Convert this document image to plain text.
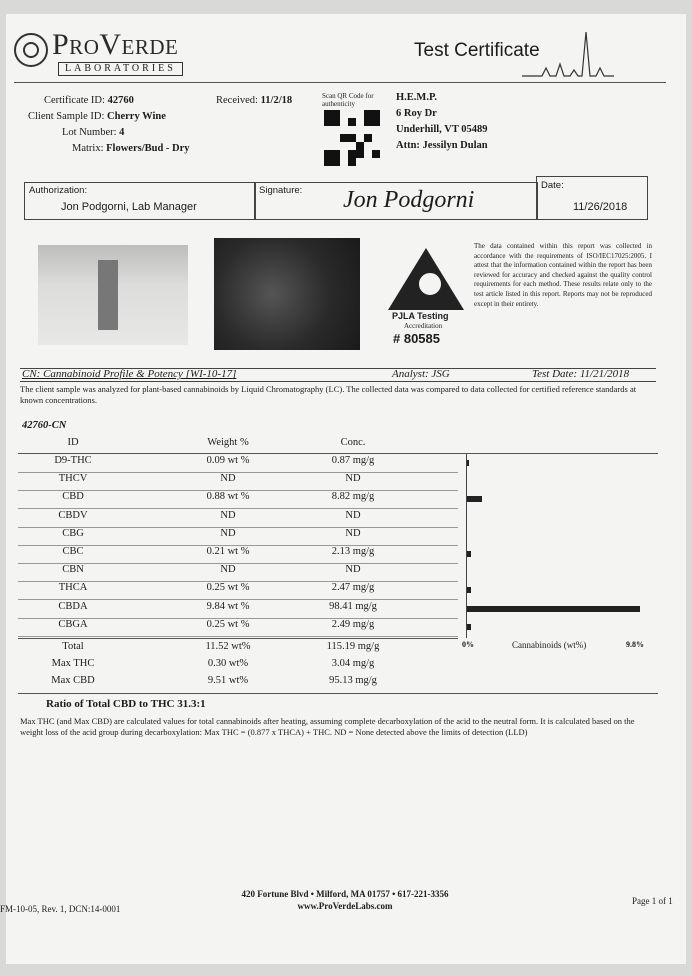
ProVerde
LABORATORIES
Test Certificate
Certificate ID: 42760
Client Sample ID: Cherry Wine
Lot Number: 4
Matrix: Flowers/Bud - Dry
Received: 11/2/18	Scan QR Code for authenticity
H.E.M.P.
6 Roy Dr
Underhill, VT 05489
Attn: Jessilyn Dulan
Authorization:
Jon Podgorni, Lab Manager
Signature: Jon Podgorni
Date:
11/26/2018
PJLA Testing
Accreditation
# 80585
The data contained within this report was collected in accordance with the requirements of ISO/IEC17025:2005. I attest that the information contained within the report has been reviewed for accuracy and checked against the quality control requirements for each method. These results relate only to the test article listed in this report. Reports may not be reproduced except in their entirety.
CN: Cannabinoid Profile & Potency [WI-10-17]	Analyst: JSG	Test Date: 11/21/2018
The client sample was analyzed for plant-based cannabinoids by Liquid Chromatography (LC). The collected data was compared to data collected for certified reference standards at known concentrations.
42760-CN
ID	Weight %	Conc.
D9-THC	0.09 wt %	0.87 mg/g
THCV	ND	ND
CBD	0.88 wt %	8.82 mg/g
CBDV	ND	ND
CBG	ND	ND
CBC	0.21 wt %	2.13 mg/g
CBN	ND	ND
THCA	0.25 wt %	2.47 mg/g
CBDA	9.84 wt %	98.41 mg/g
CBGA	0.25 wt %	2.49 mg/g
Total	11.52 wt%	115.19 mg/g
Max THC	0.30 wt%	3.04 mg/g
Max CBD	9.51 wt%	95.13 mg/g
Ratio of Total CBD to THC 31.3:1
0%	Cannabinoids (wt%)	9.8%
Max THC (and Max CBD) are calculated values for total cannabinoids after heating, assuming complete decarboxylation of the acid to the neutral form. It is calculated based on the weight loss of the acid group during decarboxylation: Max THC = (0.877 x THCA) + THC. ND = None detected above the limits of detection (LLD)
420 Fortune Blvd • Milford, MA 01757 • 617-221-3356
www.ProVerdeLabs.com
FM-10-05, Rev. 1, DCN:14-0001
Page 1 of 1
